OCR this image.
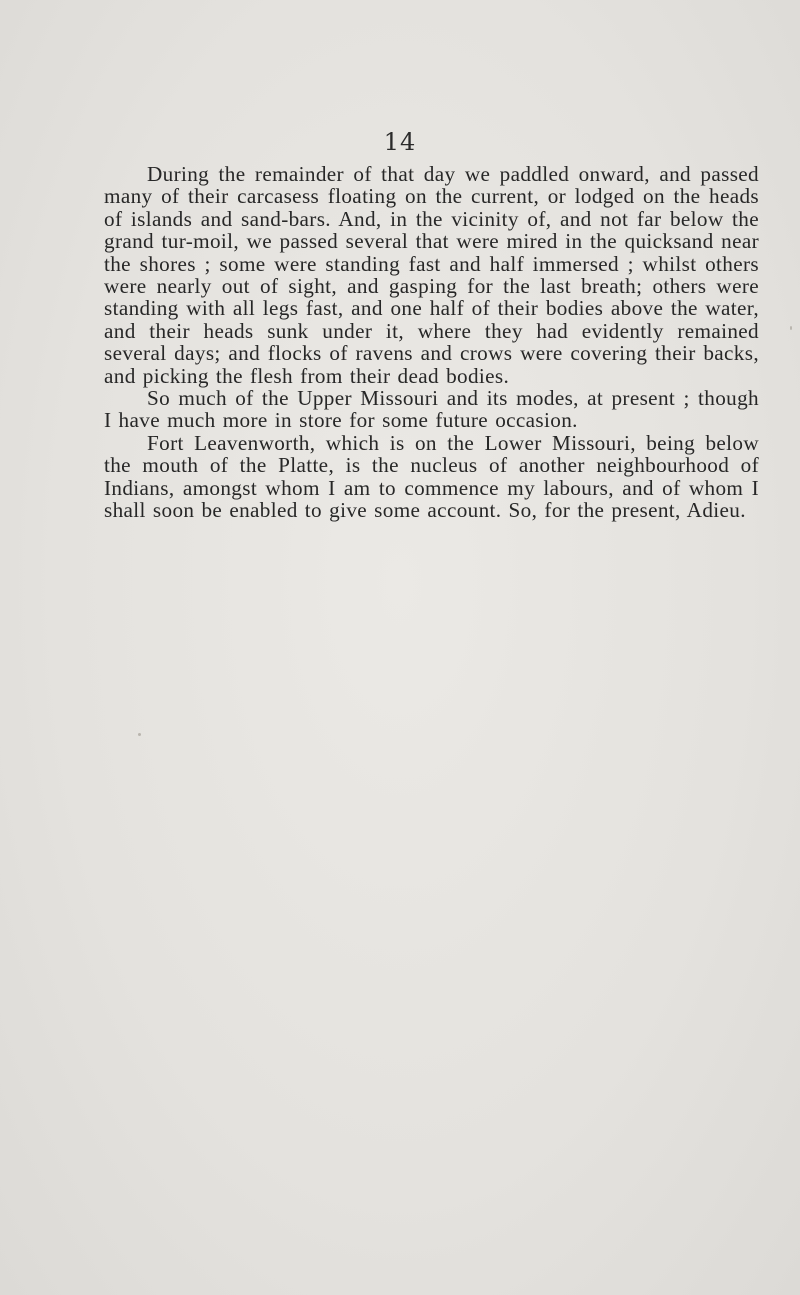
14

During the remainder of that day we paddled onward, and passed many of their carcasess floating on the current, or lodged on the heads of islands and sand-bars. And, in the vicinity of, and not far below the grand tur-moil, we passed several that were mired in the quicksand near the shores ; some were standing fast and half immersed ; whilst others were nearly out of sight, and gasping for the last breath; others were standing with all legs fast, and one half of their bodies above the water, and their heads sunk under it, where they had evidently remained several days; and flocks of ravens and crows were covering their backs, and picking the flesh from their dead bodies.

So much of the Upper Missouri and its modes, at present ; though I have much more in store for some future occasion.

Fort Leavenworth, which is on the Lower Missouri, being below the mouth of the Platte, is the nucleus of another neighbourhood of Indians, amongst whom I am to commence my labours, and of whom I shall soon be enabled to give some account. So, for the present, Adieu.
